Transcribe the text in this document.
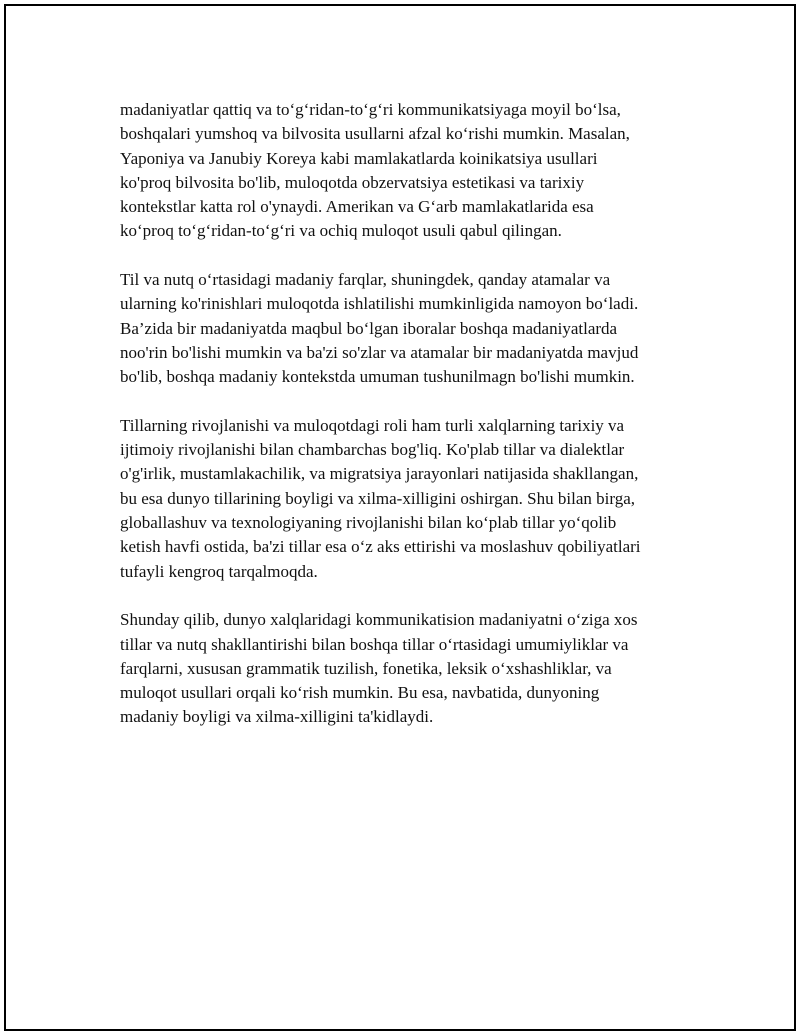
madaniyatlar qattiq va to‘g‘ridan-to‘g‘ri kommunikatsiyaga moyil bo‘lsa,
boshqalari yumshoq va bilvosita usullarni afzal ko‘rishi mumkin. Masalan,
Yaponiya va Janubiy Koreya kabi mamlakatlarda koinikatsiya usullari
ko'proq bilvosita bo'lib, muloqotda obzervatsiya estetikasi va tarixiy
kontekstlar katta rol o'ynaydi. Amerikan va G‘arb mamlakatlarida esa
ko‘proq to‘g‘ridan-to‘g‘ri va ochiq muloqot usuli qabul qilingan.

Til va nutq o‘rtasidagi madaniy farqlar, shuningdek, qanday atamalar va
ularning ko'rinishlari muloqotda ishlatilishi mumkinligida namoyon bo‘ladi.
Ba’zida bir madaniyatda maqbul bo‘lgan iboralar boshqa madaniyatlarda
noo'rin bo'lishi mumkin va ba'zi so'zlar va atamalar bir madaniyatda mavjud
bo'lib, boshqa madaniy kontekstda umuman tushunilmagn bo'lishi mumkin.

Tillarning rivojlanishi va muloqotdagi roli ham turli xalqlarning tarixiy va
ijtimoiy rivojlanishi bilan chambarchas bog'liq. Ko'plab tillar va dialektlar
o'g'irlik, mustamlakachilik, va migratsiya jarayonlari natijasida shakllangan,
bu esa dunyo tillarining boyligi va xilma-xilligini oshirgan. Shu bilan birga,
globallashuv va texnologiyaning rivojlanishi bilan ko‘plab tillar yo‘qolib
ketish havfi ostida, ba'zi tillar esa o‘z aks ettirishi va moslashuv qobiliyatlari
tufayli kengroq tarqalmoqda.

Shunday qilib, dunyo xalqlaridagi kommunikatision madaniyatni o‘ziga xos
tillar va nutq shakllantirishi bilan boshqa tillar o‘rtasidagi umumiyliklar va
farqlarni, xususan grammatik tuzilish, fonetika, leksik o‘xshashliklar, va
muloqot usullari orqali ko‘rish mumkin. Bu esa, navbatida, dunyoning
madaniy boyligi va xilma-xilligini ta'kidlaydi.
